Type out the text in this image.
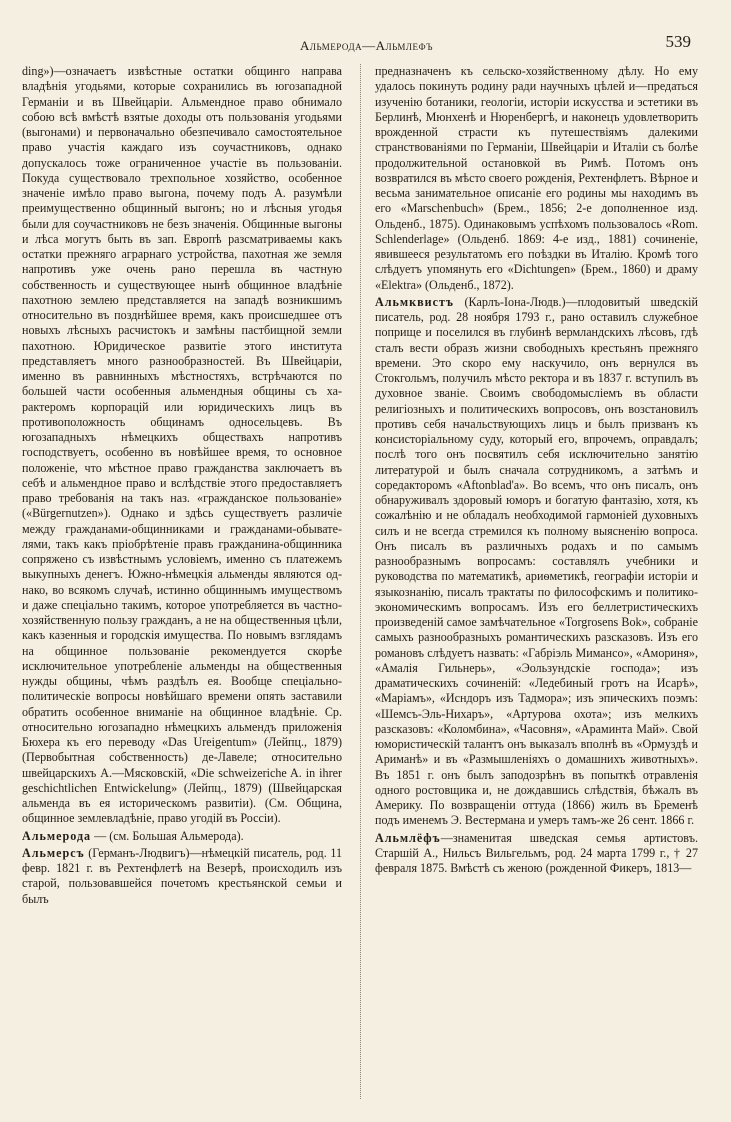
Альмерода—Альмлефъ	539

ding»)—означаетъ извѣстные остатки общинго направа владѣнія угодьями, которые сохранились въ югозападной Германіи и въ Швейцаріи. Альмендное право обнимало собою всѣ вмѣстѣ взятые доходы отъ пользованія угодьями (выгонами) и первоначально обезпечивало самостоятельное право участія каждаго изъ соучастниковъ, однако допускалось тоже ограниченное участіе въ пользованіи. Покуда существовало трехпольное хозяйство, особенное значеніе имѣло право выгона, почему подъ А. разумѣли преимущественно общинный выгонъ; но и лѣсныя угодья были для соучастниковъ не безъ значенія. Общинные выгоны и лѣса могутъ быть въ зап. Европѣ разсматриваемы какъ остатки прежняго аграрнаго устройства, пахотная же земля напротивъ уже очень рано перешла въ частную собственность и существующее нынѣ общинное владѣніе пахотною землею представляется на западѣ возникшимъ относительно въ позднѣйшее время, какъ происшедшее отъ новыхъ лѣсныхъ расчистокъ и замѣны пастбищной земли пахотною. Юридическое развитіе этого института представляетъ много разнообразностей. Въ Швейцаріи, именно въ равнинныхъ мѣстностяхъ, встрѣчаются по большей части особенныя альмендныя общины съ характеромъ корпорацій или юридическихъ лицъ въ противоположность общинамъ односельцевъ. Въ югозападныхъ нѣмецкихъ обществахъ напротивъ господствуетъ, особенно въ новѣйшее время, то основное положеніе, что мѣстное право гражданства заключаетъ въ себѣ и альмендное право и вслѣдствіе этого предоставляетъ право требованія на такъ наз. «гражданское пользованіе» («Bürgernutzen»). Однако и здѣсь существуетъ различіе между гражданами-общинниками и гражданами-обывателями, такъ какъ пріобрѣтеніе правъ гражданина-общинника сопряжено съ извѣстнымъ условіемъ, именно съ платежемъ выкупныхъ денегъ. Южно-нѣмецкія альменды являются однако, во всякомъ случаѣ, истинно общиннымъ имуществомъ и даже спеціально такимъ, которое употребляется въ частно-хозяйственную пользу гражданъ, а не на общественныя цѣли, какъ казенныя и городскія имущества. По новымъ взглядамъ на общинное пользованіе рекомендуется скорѣе исключительное употребленіе альменды на общественныя нужды общины, чѣмъ раздѣлъ ея. Вообще спеціально-политическіе вопросы новѣйшаго времени опять заставили обратить особенное вниманіе на общинное владѣніе. Ср. относительно югозападно нѣмецкихъ альмендъ приложенія Бюхера къ его переводу «Das Ureigentum» (Лейпц., 1879) (Первобытная собственность) де-Лавеле; относительно швейцарскихъ А.—Мясковскій, «Die schweizeriche A. in ihrer geschichtlichen Entwickelung» (Лейпц., 1879) (Швейцарская альменда въ ея историческомъ развитіи). (См. Община, общинное землевладѣніе, право угодій въ Россіи).

Альмерода — (см. Большая Альмерода).

Альмерсъ (Германъ-Людвигъ)—нѣмецкій писатель, род. 11 февр. 1821 г. въ Рехтенфлетѣ на Везерѣ, происходилъ изъ старой, пользовавшейся почетомъ крестьянской семьи и былъ

предназначенъ къ сельско-хозяйственному дѣлу. Но ему удалось покинуть родину ради научныхъ цѣлей и—предаться изученію ботаники, геологіи, исторіи искусства и эстетики въ Берлинѣ, Мюнхенѣ и Нюренбергѣ, и наконецъ удовлетворить врожденной страсти къ путешествіямъ далекими странствованіями по Германіи, Швейцаріи и Италіи съ болѣе продолжительной остановкой въ Римѣ. Потомъ онъ возвратился въ мѣсто своего рожденія, Рехтенфлетъ. Вѣрное и весьма занимательное описаніе его родины мы находимъ въ его «Marschenbuch» (Брем., 1856; 2-е дополненное изд. Ольденб., 1875). Одинаковымъ успѣхомъ пользовалось «Rom. Schlenderlage» (Ольденб. 1869: 4-е изд., 1881) сочиненіе, явившееся результатомъ его поѣздки въ Италію. Кромѣ того слѣдуетъ упомянуть его «Dichtungen» (Брем., 1860) и драму «Elektra» (Ольденб., 1872).

Альмквистъ (Карлъ-Іона-Людв.)—плодовитый шведскій писатель, род. 28 ноября 1793 г., рано оставилъ служебное поприще и поселился въ глубинѣ вермландскихъ лѣсовъ, гдѣ сталъ вести образъ жизни свободныхъ крестьянъ прежняго времени. Это скоро ему наскучило, онъ вернулся въ Стокгольмъ, получилъ мѣсто ректора и въ 1837 г. вступилъ въ духовное званіе. Своимъ свободомысліемъ въ области религіозныхъ и политическихъ вопросовъ, онъ возстановилъ противъ себя начальствующихъ лицъ и былъ призванъ къ консисторіальному суду, который его, впрочемъ, оправдалъ; послѣ того онъ посвятилъ себя исключительно занятію литературой и былъ сначала сотрудникомъ, а затѣмъ и соредакторомъ «Aftonblad'a». Во всемъ, что онъ писалъ, онъ обнаруживалъ здоровый юморъ и богатую фантазію, хотя, къ сожалѣнію и не обладалъ необходимой гармоніей духовныхъ силъ и не всегда стремился къ полному выясненію вопроса. Онъ писалъ въ различныхъ родахъ и по самымъ разнообразнымъ вопросамъ: составлялъ учебники и руководства по математикѣ, ариѳметикѣ, географіи исторіи и языкознанію, писалъ трактаты по философскимъ и политикоэкономическимъ вопросамъ. Изъ его беллетристическихъ произведеній самое замѣчательное «Torgrosens Bok», собраніе самыхъ разнообразныхъ романтическихъ разсказовъ. Изъ его романовъ слѣдуетъ назвать: «Габріэль Мимансо», «Амориня», «Амалія Гильнерь», «Эользундскіе господа»; изъ драматическихъ сочиненій: «Ледебиный гротъ на Исарѣ», «Маріамъ», «Исндоръ изъ Тадмора»; изъ эпическихъ поэмъ: «Шемсъ-Эль-Нихаръ», «Артурова охота»; изъ мелкихъ разсказовъ: «Коломбина», «Часовня», «Араминта Май». Свой юмористическій талантъ онъ выказалъ вполнѣ въ «Ормуздѣ и Ариманѣ» и въ «Размышленіяхъ о домашнихъ животныхъ». Въ 1851 г. онъ былъ заподозрѣнъ въ попыткѣ отравленія одного ростовщика и, не дождавшись слѣдствія, бѣжалъ въ Америку. По возвращеніи оттуда (1866) жилъ въ Бременѣ подъ именемъ Э. Вестермана и умеръ тамъ-же 26 сент. 1866 г.

Альмлёфъ—знаменитая шведская семья артистовъ. Старшій А., Нильсъ Вильгельмъ, род. 24 марта 1799 г., † 27 февраля 1875. Вмѣстѣ съ женою (рожденной Фикеръ, 1813—
